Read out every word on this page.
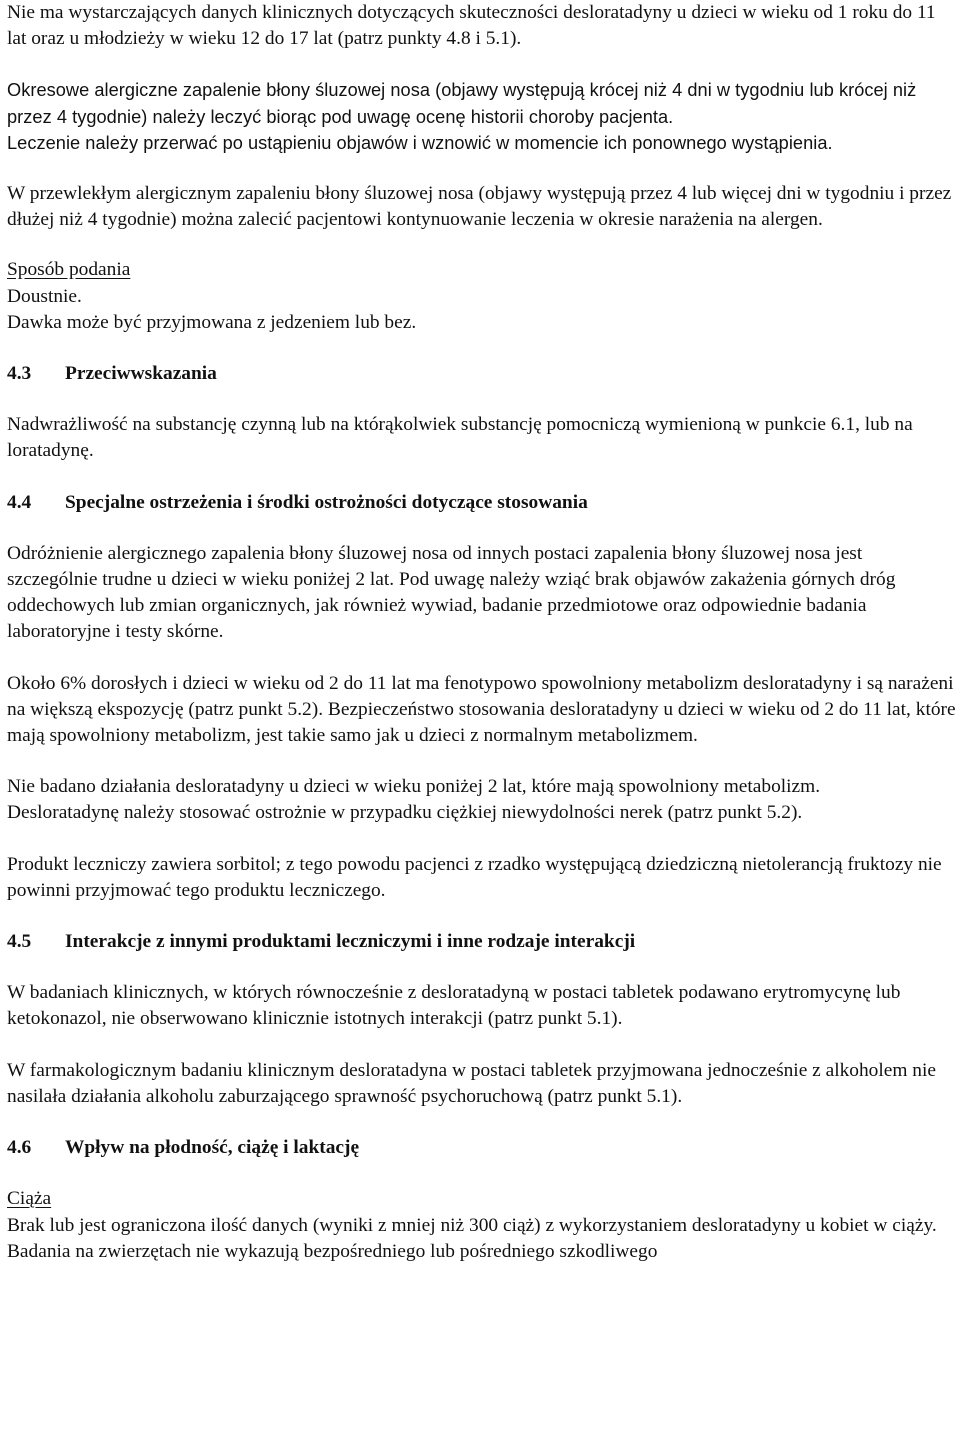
Nie ma wystarczających danych klinicznych dotyczących skuteczności desloratadyny u dzieci w wieku od 1 roku do 11 lat oraz u młodzieży w wieku 12 do 17 lat (patrz punkty 4.8 i 5.1).

Okresowe alergiczne zapalenie błony śluzowej nosa (objawy występują krócej niż 4 dni w tygodniu lub krócej niż przez 4 tygodnie) należy leczyć biorąc pod uwagę ocenę historii choroby pacjenta.

Leczenie należy przerwać po ustąpieniu objawów i wznowić w momencie ich ponownego wystąpienia.

W przewlekłym alergicznym zapaleniu błony śluzowej nosa (objawy występują przez 4 lub więcej dni w tygodniu i przez dłużej niż 4 tygodnie) można zalecić pacjentowi kontynuowanie leczenia w okresie narażenia na alergen.

Sposób podania

Doustnie.

Dawka może być przyjmowana z jedzeniem lub bez.

4.3	Przeciwwskazania

Nadwrażliwość na substancję czynną lub na którąkolwiek substancję pomocniczą wymienioną w punkcie 6.1, lub na loratadynę.

4.4	Specjalne ostrzeżenia i środki ostrożności dotyczące stosowania

Odróżnienie alergicznego zapalenia błony śluzowej nosa od innych postaci zapalenia błony śluzowej nosa jest szczególnie trudne u dzieci w wieku poniżej 2 lat. Pod uwagę należy wziąć brak objawów zakażenia górnych dróg oddechowych lub zmian organicznych, jak również wywiad, badanie przedmiotowe oraz odpowiednie badania laboratoryjne i testy skórne.

Około 6% dorosłych i dzieci w wieku od 2 do 11 lat ma fenotypowo spowolniony metabolizm desloratadyny i są narażeni na większą ekspozycję (patrz punkt 5.2). Bezpieczeństwo stosowania desloratadyny u dzieci w wieku od 2 do 11 lat, które mają spowolniony metabolizm, jest takie samo jak u dzieci z normalnym metabolizmem.

Nie badano działania desloratadyny u dzieci w wieku poniżej 2 lat, które mają spowolniony metabolizm.

Desloratadynę należy stosować ostrożnie w przypadku ciężkiej niewydolności nerek (patrz punkt 5.2).

Produkt leczniczy zawiera sorbitol; z tego powodu pacjenci z rzadko występującą dziedziczną nietolerancją fruktozy nie powinni przyjmować tego produktu leczniczego.

4.5	Interakcje z innymi produktami leczniczymi i inne rodzaje interakcji

W badaniach klinicznych, w których równocześnie z desloratadyną w postaci tabletek podawano erytromycynę lub ketokonazol, nie obserwowano klinicznie istotnych interakcji (patrz punkt 5.1).

W farmakologicznym badaniu klinicznym desloratadyna w postaci tabletek przyjmowana jednocześnie z alkoholem nie nasilała działania alkoholu zaburzającego sprawność psychoruchową (patrz punkt 5.1).

4.6	Wpływ na płodność, ciążę i laktację

Ciąża

Brak lub jest ograniczona ilość danych (wyniki z mniej niż 300 ciąż) z wykorzystaniem desloratadyny u kobiet w ciąży. Badania na zwierzętach nie wykazują bezpośredniego lub pośredniego szkodliwego
